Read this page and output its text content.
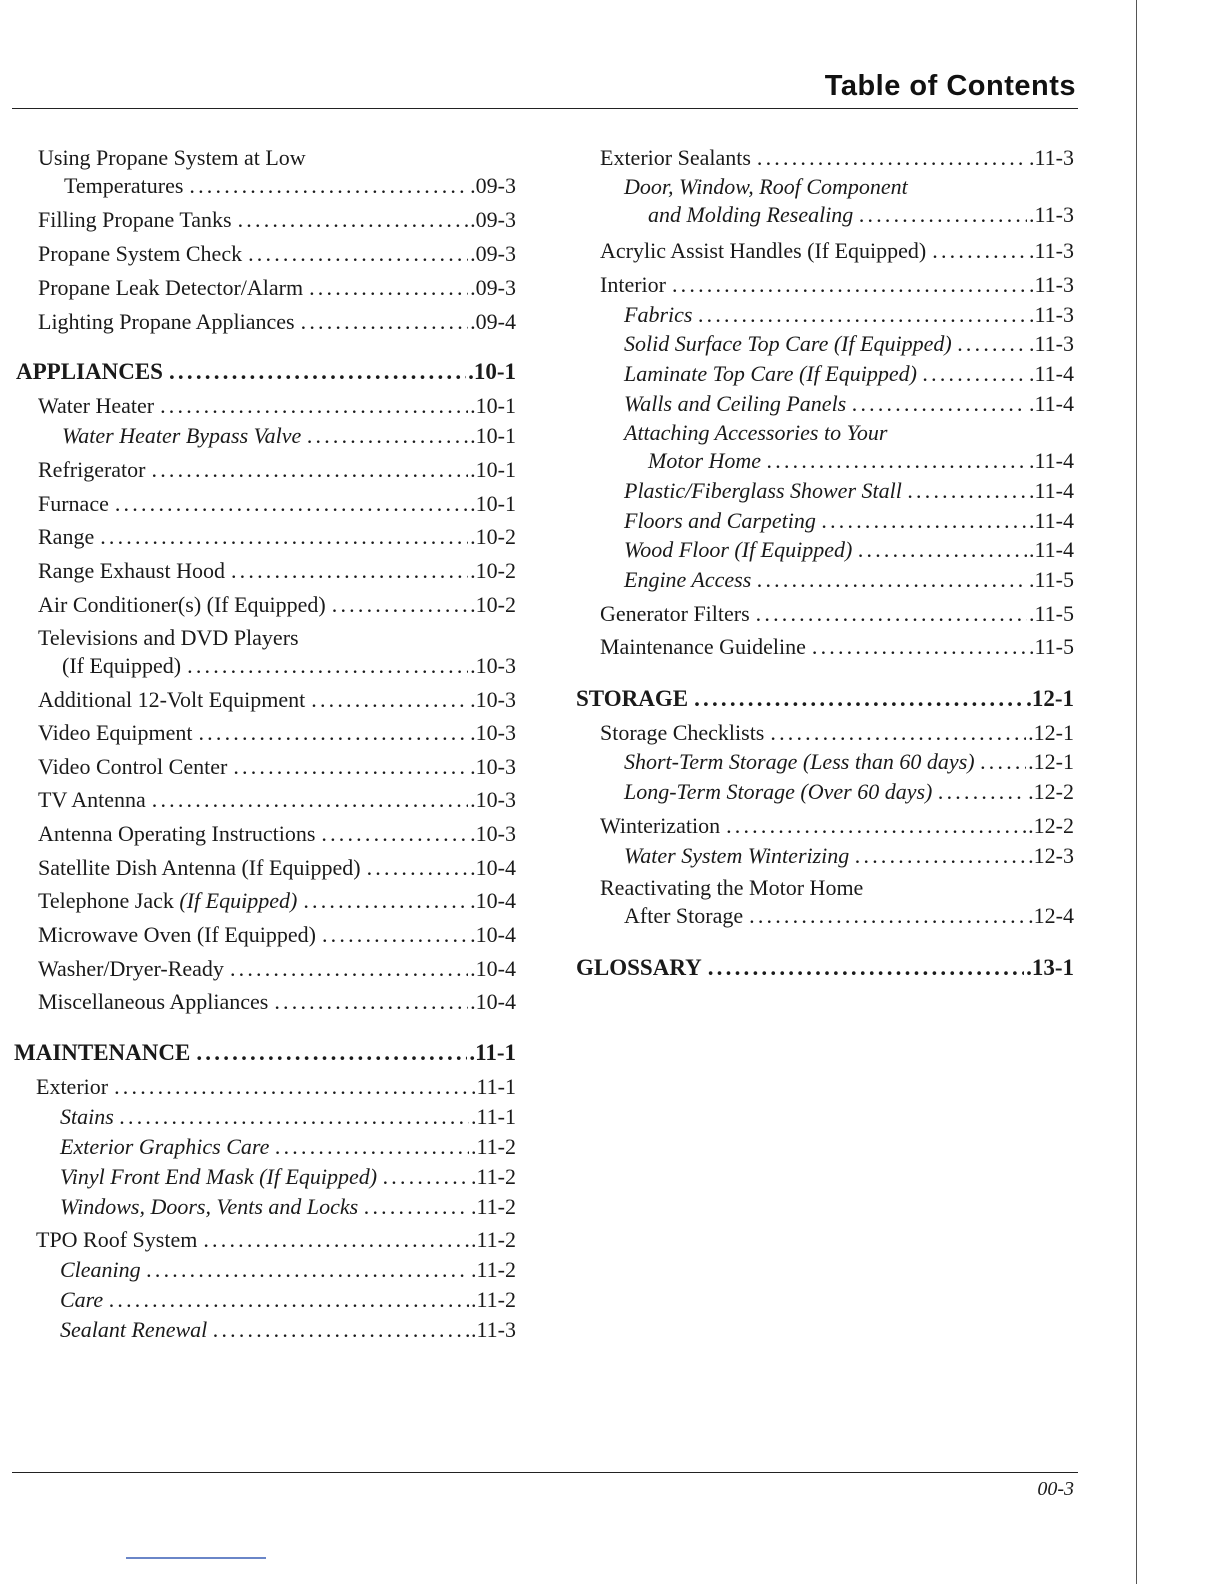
Table of Contents
Using Propane System at Low
Temperatures .....	.09-3
Filling Propane Tanks .....	.09-3
Propane System Check .....	.09-3
Propane Leak Detector/Alarm .....	.09-3
Lighting Propane Appliances .....	.09-4
APPLIANCES .....	.10-1
Water Heater .....	.10-1
Water Heater Bypass Valve .....	.10-1
Refrigerator .....	.10-1
Furnace .....	.10-1
Range .....	.10-2
Range Exhaust Hood .....	.10-2
Air Conditioner(s) (If Equipped) .....	.10-2
Televisions and DVD Players
(If Equipped) .....	.10-3
Additional 12-Volt Equipment .....	.10-3
Video Equipment .....	.10-3
Video Control Center .....	.10-3
TV Antenna .....	.10-3
Antenna Operating Instructions .....	.10-3
Satellite Dish Antenna (If Equipped) .....	.10-4
Telephone Jack (If Equipped) .....	.10-4
Microwave Oven (If Equipped) .....	.10-4
Washer/Dryer-Ready .....	.10-4
Miscellaneous Appliances .....	.10-4
MAINTENANCE .....	.11-1
Exterior .....	.11-1
Stains .....	.11-1
Exterior Graphics Care .....	.11-2
Vinyl Front End Mask (If Equipped) .....	.11-2
Windows, Doors, Vents and Locks .....	.11-2
TPO Roof System .....	.11-2
Cleaning .....	.11-2
Care .....	.11-2
Sealant Renewal .....	.11-3
Exterior Sealants .....	.11-3
Door, Window, Roof Component
and Molding Resealing .....	.11-3
Acrylic Assist Handles (If Equipped) .....	.11-3
Interior .....	.11-3
Fabrics .....	.11-3
Solid Surface Top Care (If Equipped) .....	.11-3
Laminate Top Care (If Equipped) .....	.11-4
Walls and Ceiling Panels .....	.11-4
Attaching Accessories to Your
Motor Home .....	.11-4
Plastic/Fiberglass Shower Stall .....	.11-4
Floors and Carpeting .....	.11-4
Wood Floor (If Equipped) .....	.11-4
Engine Access .....	.11-5
Generator Filters .....	.11-5
Maintenance Guideline .....	.11-5
STORAGE .....	.12-1
Storage Checklists .....	.12-1
Short-Term Storage (Less than 60 days) ..... .12-1
Long-Term Storage (Over 60 days) .....	.12-2
Winterization .....	.12-2
Water System Winterizing .....	.12-3
Reactivating the Motor Home
After Storage .....	.12-4
GLOSSARY .....	.13-1
00-3
